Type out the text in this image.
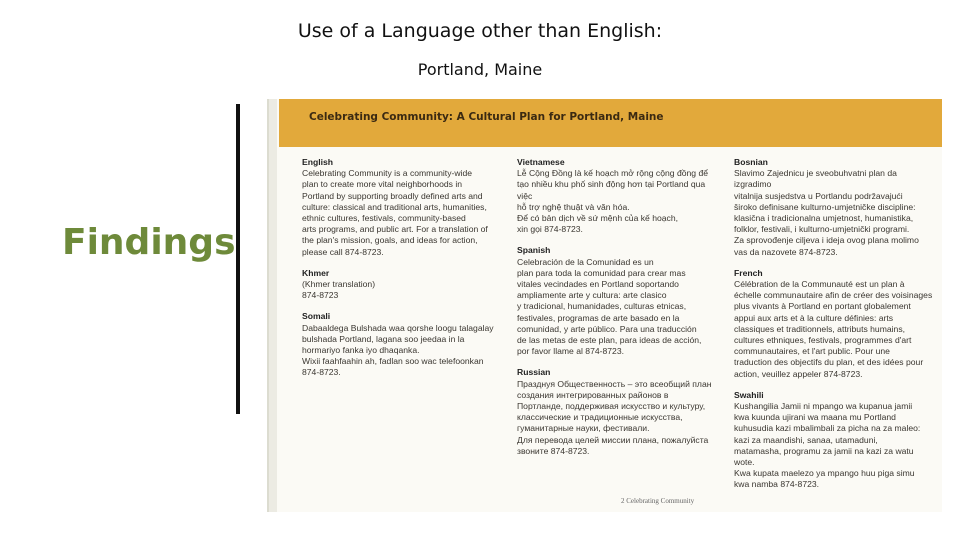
Use of a Language other than English:
Portland, Maine
Findings
Celebrating Community: A Cultural Plan for Portland, Maine
English
Celebrating Community is a community-wide
plan to create more vital neighborhoods in
Portland by supporting broadly defined arts and
culture: classical and traditional arts, humanities,
ethnic cultures, festivals, community-based
arts programs, and public art. For a translation of
the plan's mission, goals, and ideas for action,
please call 874-8723.
Khmer
(Khmer translation)
874-8723
Somali
Dabaaldega Bulshada waa qorshe loogu talagalay
bulshada Portland, lagana soo jeedaa in la
hormariyo fanka iyo dhaqanka.
Wixii faahfaahin ah, fadlan soo wac telefoonkan 874-8723.
Vietnamese
Lễ Cộng Đồng là kế hoạch mở rộng cộng đồng để
tạo nhiều khu phố sinh động hơn tại Portland qua việc
hỗ trợ nghệ thuật và văn hóa.
Để có bản dịch về sứ mệnh của kế hoạch,
xin gọi 874-8723.
Spanish
Celebración de la Comunidad es un
plan para toda la comunidad para crear mas
vitales vecindades en Portland soportando
ampliamente arte y cultura: arte clasico
y tradicional, humanidades, culturas etnicas,
festivales, programas de arte basado en la
comunidad, y arte público. Para una traducción
de las metas de este plan, para ideas de acción,
por favor llame al 874-8723.
Russian
Празднуя Общественность – это всеобщий план
создания интегрированных районов в
Портланде, поддерживая искусство и культуру,
классические и традиционные искусства,
гуманитарные науки, фестивали.
Для перевода целей миссии плана, пожалуйста
звоните 874-8723.
Bosnian
Slavimo Zajednicu je sveobuhvatni plan da izgradimo
vitalnija susjedstva u Portlandu podržavajući
široko definisane kulturno-umjetničke discipline:
klasična i tradicionalna umjetnost, humanistika,
folklor, festivali, i kulturno-umjetnički programi.
Za sprovođenje ciljeva i ideja ovog plana molimo
vas da nazovete 874-8723.
French
Célébration de la Communauté est un plan à
échelle communautaire afin de créer des voisinages
plus vivants à Portland en portant globalement
appui aux arts et à la culture définies: arts
classiques et traditionnels, attributs humains,
cultures ethniques, festivals, programmes d'art
communautaires, et l'art public. Pour une
traduction des objectifs du plan, et des idées pour
action, veuillez appeler 874-8723.
Swahili
Kushangilia Jamii ni mpango wa kupanua jamii
kwa kuunda ujirani wa maana mu Portland
kuhusudia kazi mbalimbali za picha na za maleo:
kazi za maandishi, sanaa, utamaduni,
matamasha, programu za jamii na kazi za watu wote.
Kwa kupata maelezo ya mpango huu piga simu
kwa namba 874-8723.
2 Celebrating Community
